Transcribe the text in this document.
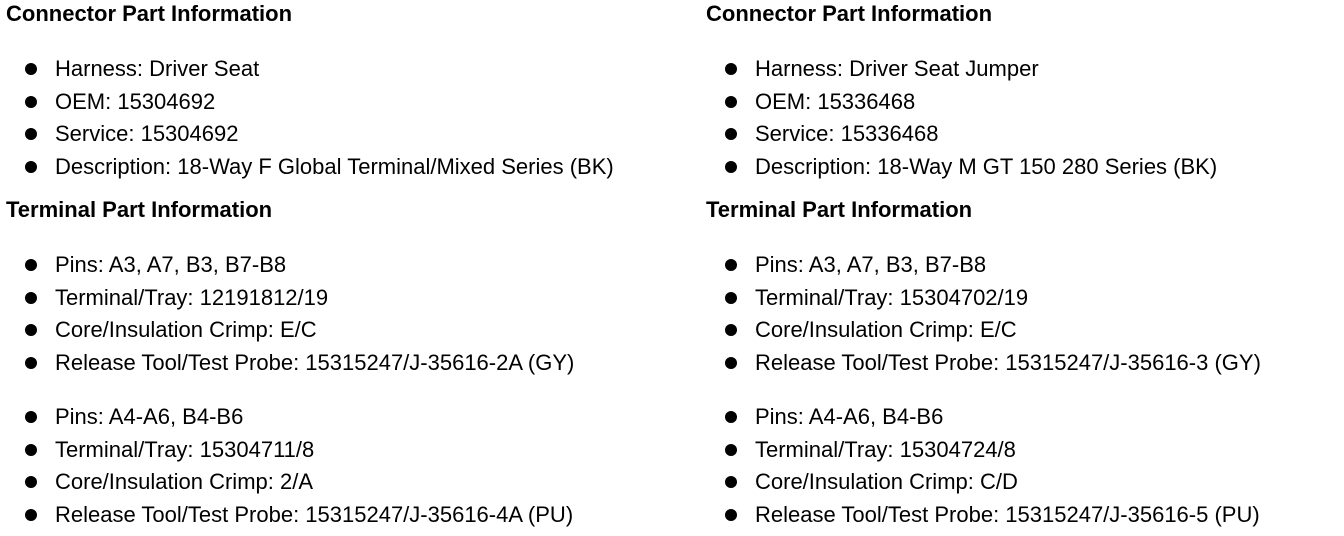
Connector Part Information
Harness: Driver Seat
OEM: 15304692
Service: 15304692
Description: 18-Way F Global Terminal/Mixed Series (BK)
Terminal Part Information
Pins: A3, A7, B3, B7-B8
Terminal/Tray: 12191812/19
Core/Insulation Crimp: E/C
Release Tool/Test Probe: 15315247/J-35616-2A (GY)
Pins: A4-A6, B4-B6
Terminal/Tray: 15304711/8
Core/Insulation Crimp: 2/A
Release Tool/Test Probe: 15315247/J-35616-4A (PU)
Connector Part Information
Harness: Driver Seat Jumper
OEM: 15336468
Service: 15336468
Description: 18-Way M GT 150 280 Series (BK)
Terminal Part Information
Pins: A3, A7, B3, B7-B8
Terminal/Tray: 15304702/19
Core/Insulation Crimp: E/C
Release Tool/Test Probe: 15315247/J-35616-3 (GY)
Pins: A4-A6, B4-B6
Terminal/Tray: 15304724/8
Core/Insulation Crimp: C/D
Release Tool/Test Probe: 15315247/J-35616-5 (PU)
